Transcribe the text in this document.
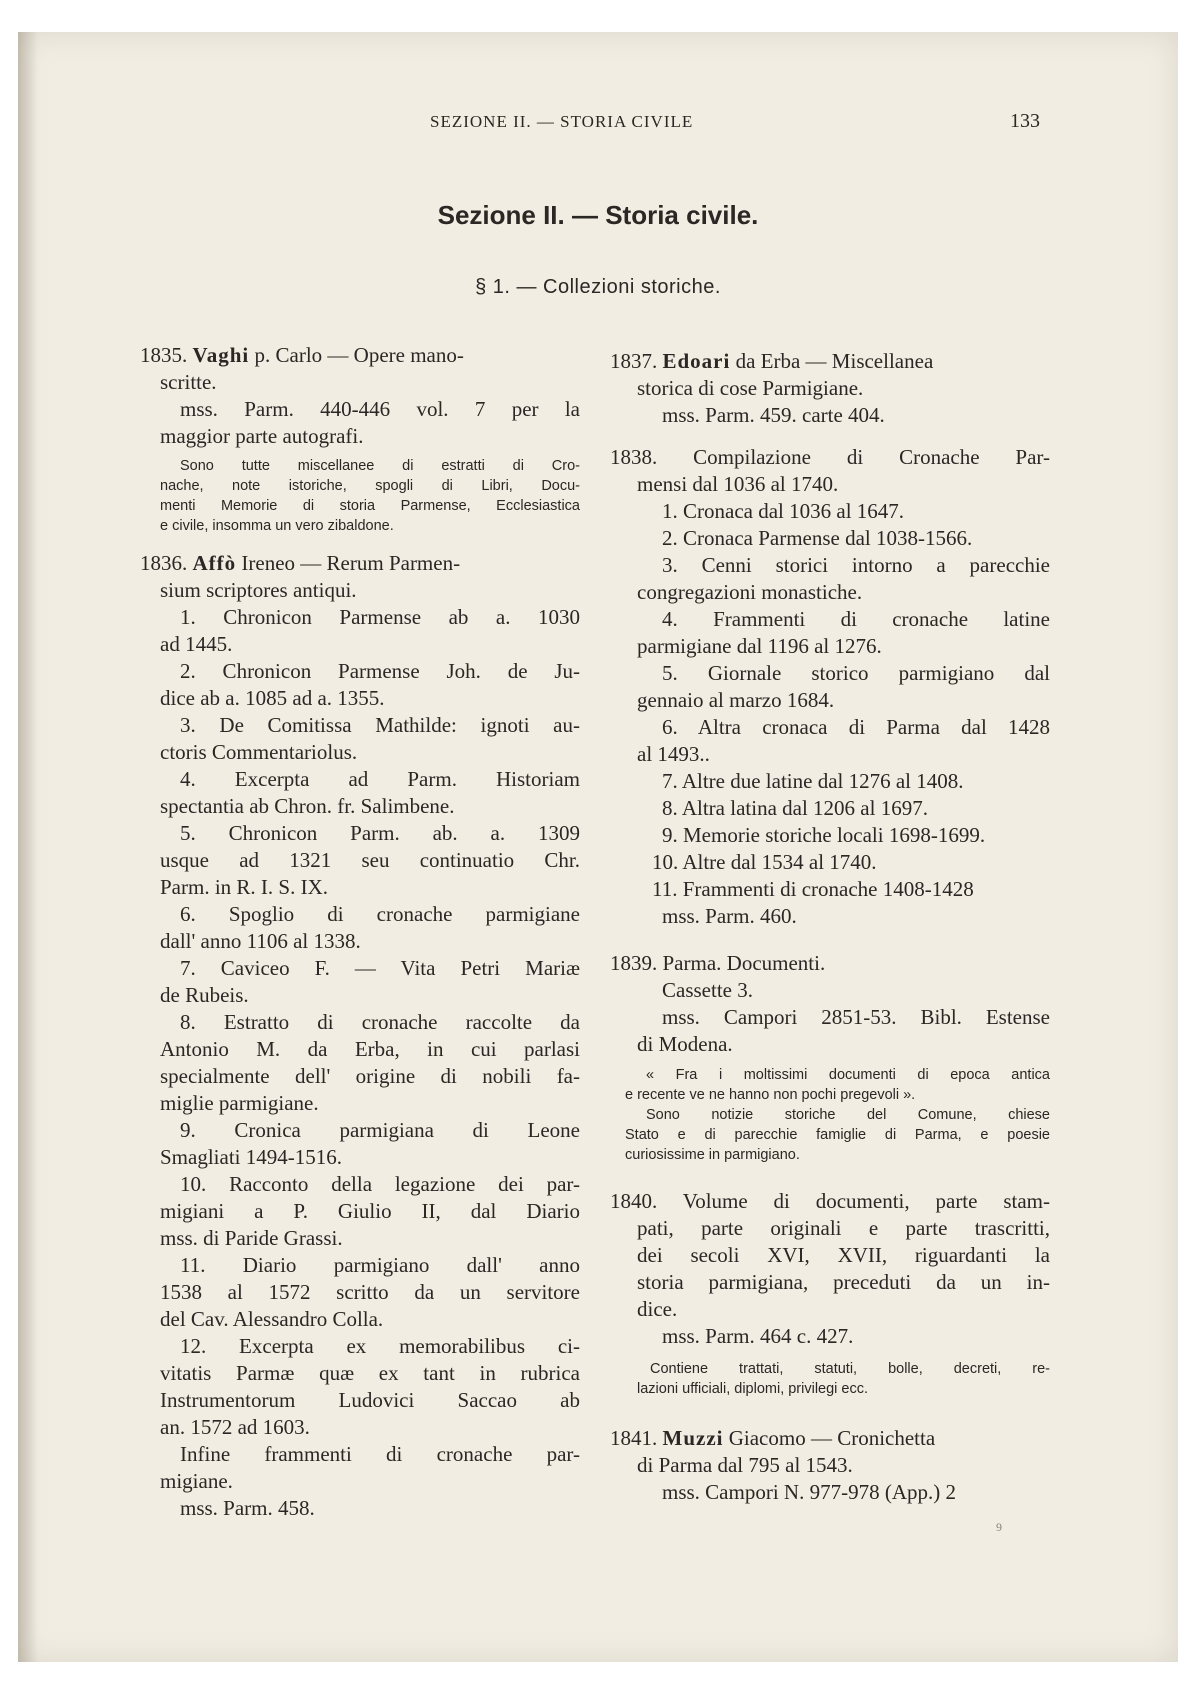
SEZIONE II. — STORIA CIVILE	133
Sezione II. — Storia civile.
§ 1. — Collezioni storiche.
1835. Vaghi p. Carlo — Opere mano-
scritte.
mss. Parm. 440-446 vol. 7 per la
maggior parte autografi.
Sono tutte miscellanee di estratti di Cro-
nache, note istoriche, spogli di Libri, Docu-
menti Memorie di storia Parmense, Ecclesiastica
e civile, insomma un vero zibaldone.
1836. Affò Ireneo — Rerum Parmen-
sium scriptores antiqui.
1. Chronicon Parmense ab a. 1030
ad 1445.
2. Chronicon Parmense Joh. de Ju-
dice ab a. 1085 ad a. 1355.
3. De Comitissa Mathilde: ignoti au-
ctoris Commentariolus.
4. Excerpta ad Parm. Historiam
spectantia ab Chron. fr. Salimbene.
5. Chronicon Parm. ab. a. 1309
usque ad 1321 seu continuatio Chr.
Parm. in R. I. S. IX.
6. Spoglio di cronache parmigiane
dall' anno 1106 al 1338.
7. Caviceo F. — Vita Petri Mariæ
de Rubeis.
8. Estratto di cronache raccolte da
Antonio M. da Erba, in cui parlasi
specialmente dell' origine di nobili fa-
miglie parmigiane.
9. Cronica parmigiana di Leone
Smagliati 1494-1516.
10. Racconto della legazione dei par-
migiani a P. Giulio II, dal Diario
mss. di Paride Grassi.
11. Diario parmigiano dall' anno
1538 al 1572 scritto da un servitore
del Cav. Alessandro Colla.
12. Excerpta ex memorabilibus ci-
vitatis Parmæ quæ ex tant in rubrica
Instrumentorum Ludovici Saccao ab
an. 1572 ad 1603.
Infine frammenti di cronache par-
migiane.
mss. Parm. 458.
1837. Edoari da Erba — Miscellanea
storica di cose Parmigiane.
mss. Parm. 459. carte 404.
1838. Compilazione di Cronache Par-
mensi dal 1036 al 1740.
1. Cronaca dal 1036 al 1647.
2. Cronaca Parmense dal 1038-1566.
3. Cenni storici intorno a parecchie
congregazioni monastiche.
4. Frammenti di cronache latine
parmigiane dal 1196 al 1276.
5. Giornale storico parmigiano dal
gennaio al marzo 1684.
6. Altra cronaca di Parma dal 1428
al 1493..
7. Altre due latine dal 1276 al 1408.
8. Altra latina dal 1206 al 1697.
9. Memorie storiche locali 1698-1699.
10. Altre dal 1534 al 1740.
11. Frammenti di cronache 1408-1428
mss. Parm. 460.
1839. Parma. Documenti.
Cassette 3.
mss. Campori 2851-53. Bibl. Estense
di Modena.
« Fra i moltissimi documenti di epoca antica
e recente ve ne hanno non pochi pregevoli ».
Sono notizie storiche del Comune, chiese
Stato e di parecchie famiglie di Parma, e poesie
curiosissime in parmigiano.
1840. Volume di documenti, parte stam-
pati, parte originali e parte trascritti,
dei secoli XVI, XVII, riguardanti la
storia parmigiana, preceduti da un in-
dice.
mss. Parm. 464 c. 427.
Contiene trattati, statuti, bolle, decreti, re-
lazioni ufficiali, diplomi, privilegi ecc.
1841. Muzzi Giacomo — Cronichetta
di Parma dal 795 al 1543.
mss. Campori N. 977-978 (App.) 2
9
